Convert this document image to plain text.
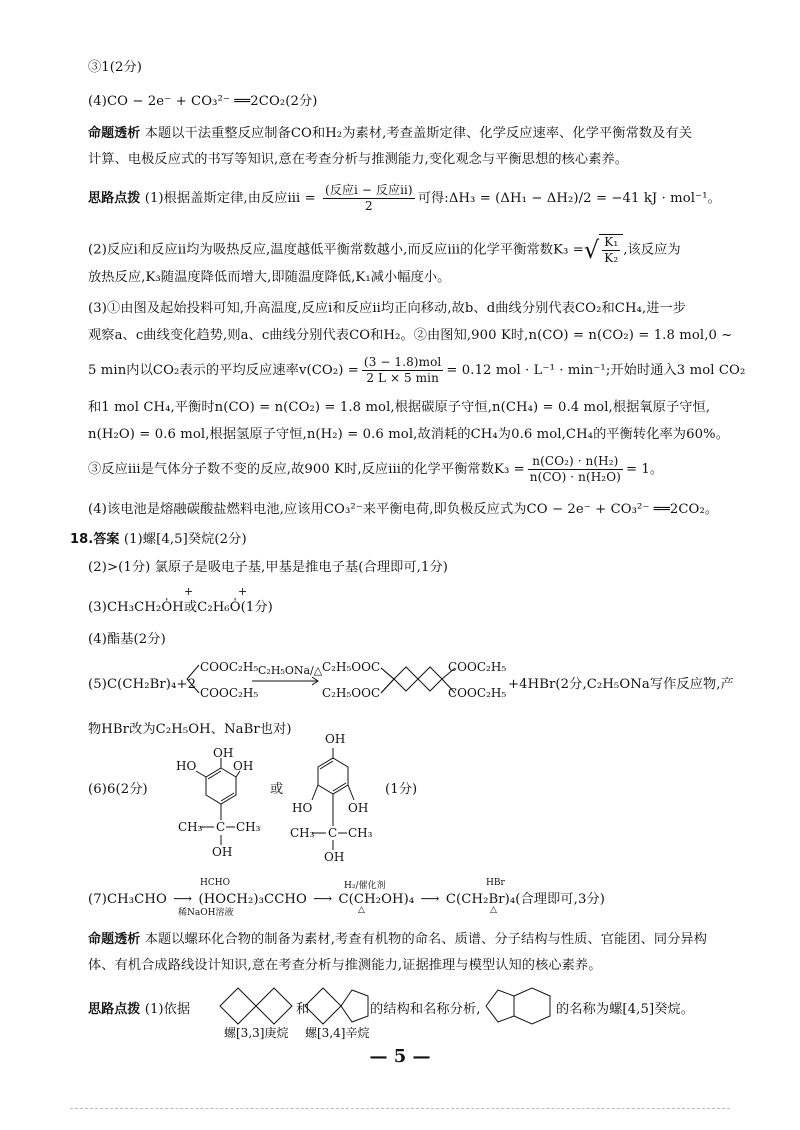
③1(2分)
(4)CO − 2e⁻ + CO₃²⁻ ══2CO₂(2分)
命题透析 本题以干法重整反应制备CO和H₂为素材,考查盖斯定律、化学反应速率、化学平衡常数及有关
计算、电极反应式的书写等知识,意在考查分析与推测能力,变化观念与平衡思想的核心素养。
思路点拨 (1)根据盖斯定律,由反应ⅲ = $\frac{\text{(反应ⅰ − 反应ⅱ)}}{2}$ 可得:ΔH₃ = (ΔH₁ − ΔH₂)/2 = −41 kJ · mol⁻¹。
(2)反应ⅰ和反应ⅱ均为吸热反应,温度越低平衡常数越小,而反应ⅲ的化学平衡常数K₃ =√ $\frac{\text{K₁}}{\text{K₂}}$ ,该反应为
放热反应,K₃随温度降低而增大,即随温度降低,K₁减小幅度小。
(3)①由图及起始投料可知,升高温度,反应ⅰ和反应ⅱ均正向移动,故b、d曲线分别代表CO₂和CH₄,进一步
观察a、c曲线变化趋势,则a、c曲线分别代表CO和H₂。②由图知,900 K时,n(CO) = n(CO₂) = 1.8 mol,0 ~
5 min内以CO₂表示的平均反应速率$v(CO_2) = \frac{\text{(3 − 1.8)mol}}{2 L \times 5 \min} = 0.12$ mol · L⁻¹ · min⁻¹;开始时通入3 mol CO₂
和1 mol CH₄,平衡时n(CO) = n(CO₂) = 1.8 mol,根据碳原子守恒,n(CH₄) = 0.4 mol,根据氧原子守恒,
n(H₂O) = 0.6 mol,根据氢原子守恒,n(H₂) = 0.6 mol,故消耗的CH₄为0.6 mol,CH₄的平衡转化率为60%。
③反应ⅲ是气体分子数不变的反应,故900 K时,反应ⅲ的化学平衡常数$K_3 = \frac{\text{n(CO₂) · n(H₂)}}{\text{n(CO) · n(H₂O)}} = 1$。
(4)该电池是熔融碳酸盐燃料电池,应该用CO₃²⁻来平衡电荷,即负极反应式为CO − 2e⁻ + CO₃²⁻ ══2CO₂。
18.答案 (1)螺[4,5]癸烷(2分)
(2)>(1分) 氯原子是吸电子基,甲基是推电子基(合理即可,1分)
(3)CH₃CH₂O̍H或C₂H₆O̍(1分)
+	+
(4)酯基(2分)
(5)C(CH₂Br)₄+2
COOC₂H₅
COOC₂H₅
C₂H₅ONa/△ C₂H₅OOC
C₂H₅OOC
COOC₂H₅
COOC₂H₅
+4HBr(2分,C₂H₅ONa写作反应物,产
物HBr改为C₂H₅OH、NaBr也对)
(6)6(2分)
OH
HO	OH
CH₃ C CH₃
OH
或
OH
HO	OH
CH₃ C CH₃
OH
(1分)
(7)CH₃CHO ⟶ (HOCH₂)₃CCHO ⟶ C(CH₂OH)₄ ⟶ C(CH₂Br)₄(合理即可,3分)
HCHO
稀NaOH溶液
H₂/催化剂
△
HBr
△
命题透析 本题以螺环化合物的制备为素材,考查有机物的命名、质谱、分子结构与性质、官能团、同分异构
体、有机合成路线设计知识,意在考查分析与推测能力,证据推理与模型认知的核心素养。
思路点拨 (1)依据
螺[3,3]庚烷
和
螺[3,4]辛烷
的结构和名称分析,	的名称为螺[4,5]癸烷。
— 5 —
